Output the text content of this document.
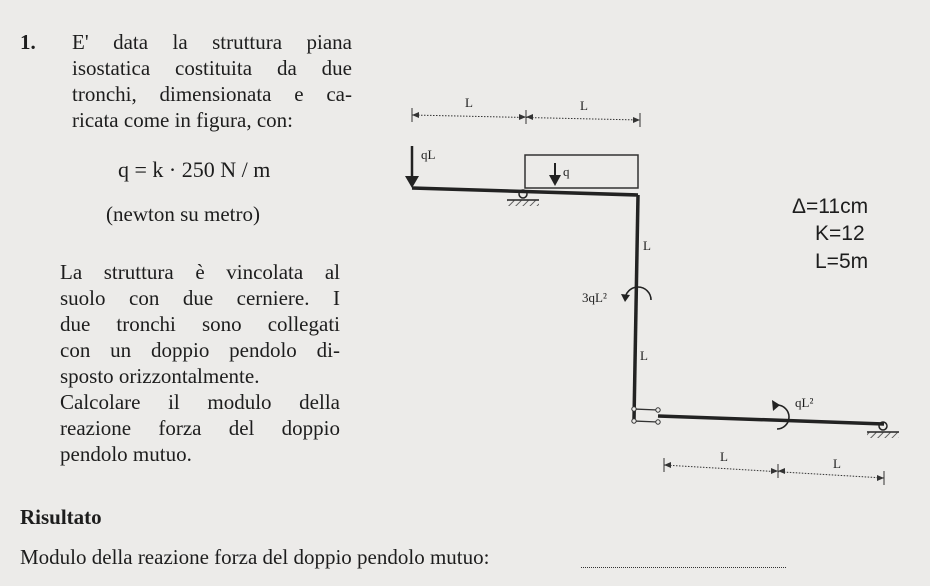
1. E' data la struttura piana
isostatica costituita da due
tronchi, dimensionata e ca-
ricata come in figura, con:
q = k · 250 N / m
(newton su metro)
La struttura è vincolata al
suolo con due cerniere. I
due tronchi sono collegati
con un doppio pendolo di-
sposto orizzontalmente.
Calcolare il modulo della
reazione forza del doppio
pendolo mutuo.
Δ=11cm
K=12
L=5m
L	L
qL
q
L
3qL²
L
qL²
L	L
Risultato
Modulo della reazione forza del doppio pendolo mutuo:
